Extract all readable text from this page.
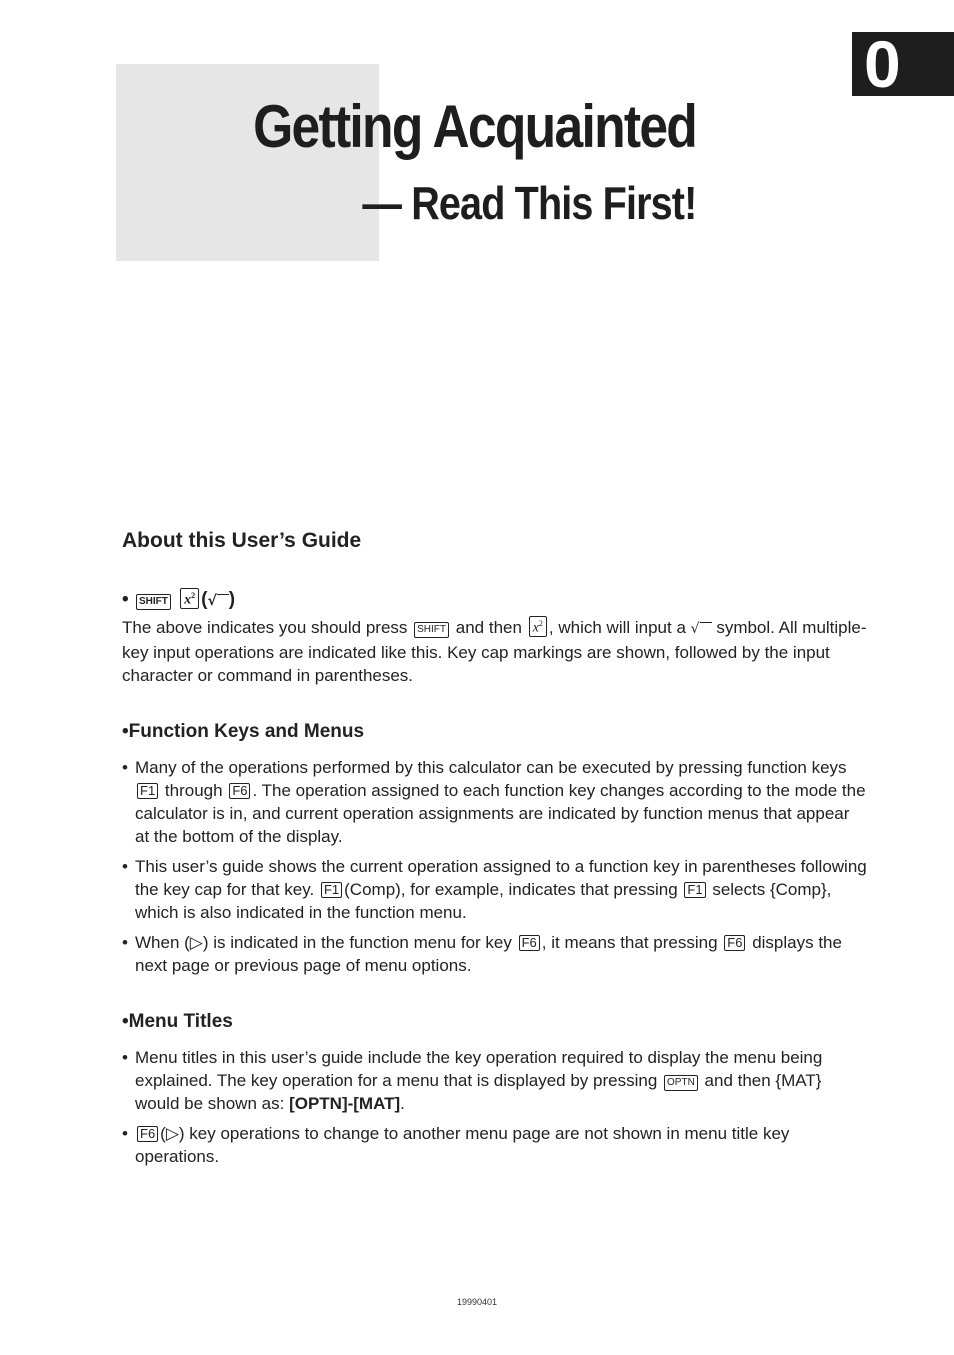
0
Getting Acquainted
— Read This First!
About this User’s Guide
• SHIFT $x^2$ (√ )

The above indicates you should press SHIFT and then $x^2$ , which will input a √ symbol. All multiple-key input operations are indicated like this. Key cap markings are shown, followed by the input character or command in parentheses.

•Function Keys and Menus
• Many of the operations performed by this calculator can be executed by pressing function keys F1 through F6 . The operation assigned to each function key changes according to the mode the calculator is in, and current operation assignments are indicated by function menus that appear at the bottom of the display.
• This user’s guide shows the current operation assigned to a function key in parentheses following the key cap for that key. F1 (Comp), for example, indicates that pressing F1 selects {Comp}, which is also indicated in the function menu.
• When (▷) is indicated in the function menu for key F6 , it means that pressing F6 displays the next page or previous page of menu options.
•Menu Titles
• Menu titles in this user’s guide include the key operation required to display the menu being explained. The key operation for a menu that is displayed by pressing OPTN and then {MAT} would be shown as: [OPTN]-[MAT].
• F6 (▷) key operations to change to another menu page are not shown in menu title key operations.
19990401
